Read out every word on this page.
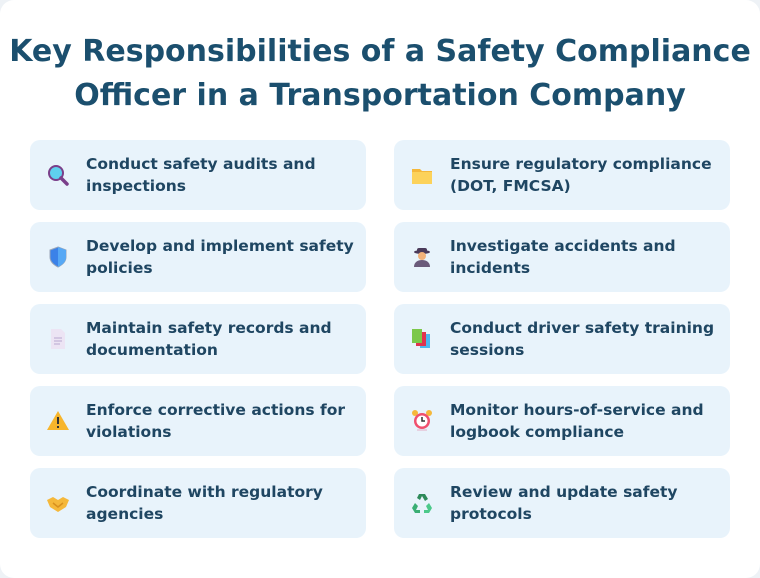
Key Responsibilities of a Safety Compliance Officer in a Transportation Company
Conduct safety audits and inspections
Ensure regulatory compliance (DOT, FMCSA)
Develop and implement safety policies
Investigate accidents and incidents
Maintain safety records and documentation
Conduct driver safety training sessions
Enforce corrective actions for violations
Monitor hours-of-service and logbook compliance
Coordinate with regulatory agencies
Review and update safety protocols
